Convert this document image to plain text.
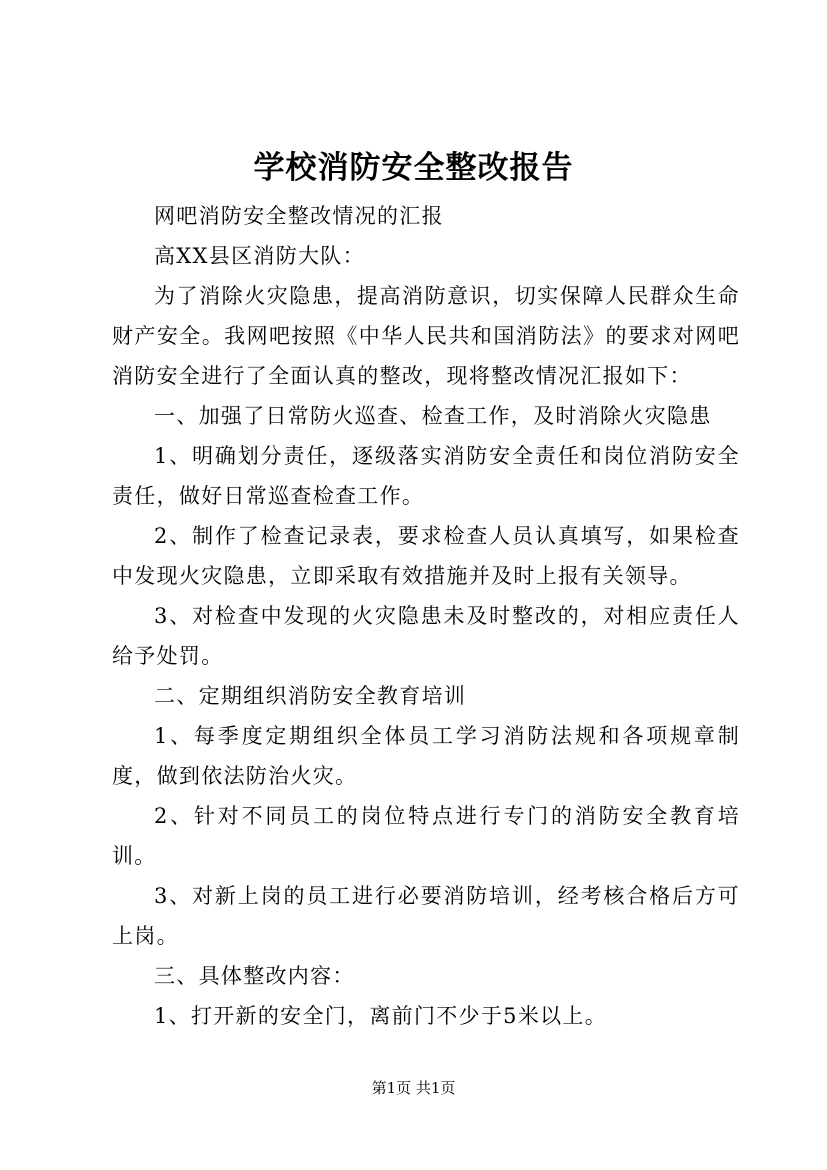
学校消防安全整改报告

网吧消防安全整改情况的汇报

高XX县区消防大队：

为了消除火灾隐患，提高消防意识，切实保障人民群众生命财产安全。我网吧按照《中华人民共和国消防法》的要求对网吧消防安全进行了全面认真的整改，现将整改情况汇报如下：

一、加强了日常防火巡查、检查工作，及时消除火灾隐患

1、明确划分责任，逐级落实消防安全责任和岗位消防安全责任，做好日常巡查检查工作。

2、制作了检查记录表，要求检查人员认真填写，如果检查中发现火灾隐患，立即采取有效措施并及时上报有关领导。

3、对检查中发现的火灾隐患未及时整改的，对相应责任人给予处罚。

二、定期组织消防安全教育培训

1、每季度定期组织全体员工学习消防法规和各项规章制度，做到依法防治火灾。

2、针对不同员工的岗位特点进行专门的消防安全教育培训。

3、对新上岗的员工进行必要消防培训，经考核合格后方可上岗。

三、具体整改内容：

1、打开新的安全门，离前门不少于5米以上。

第1页 共1页
